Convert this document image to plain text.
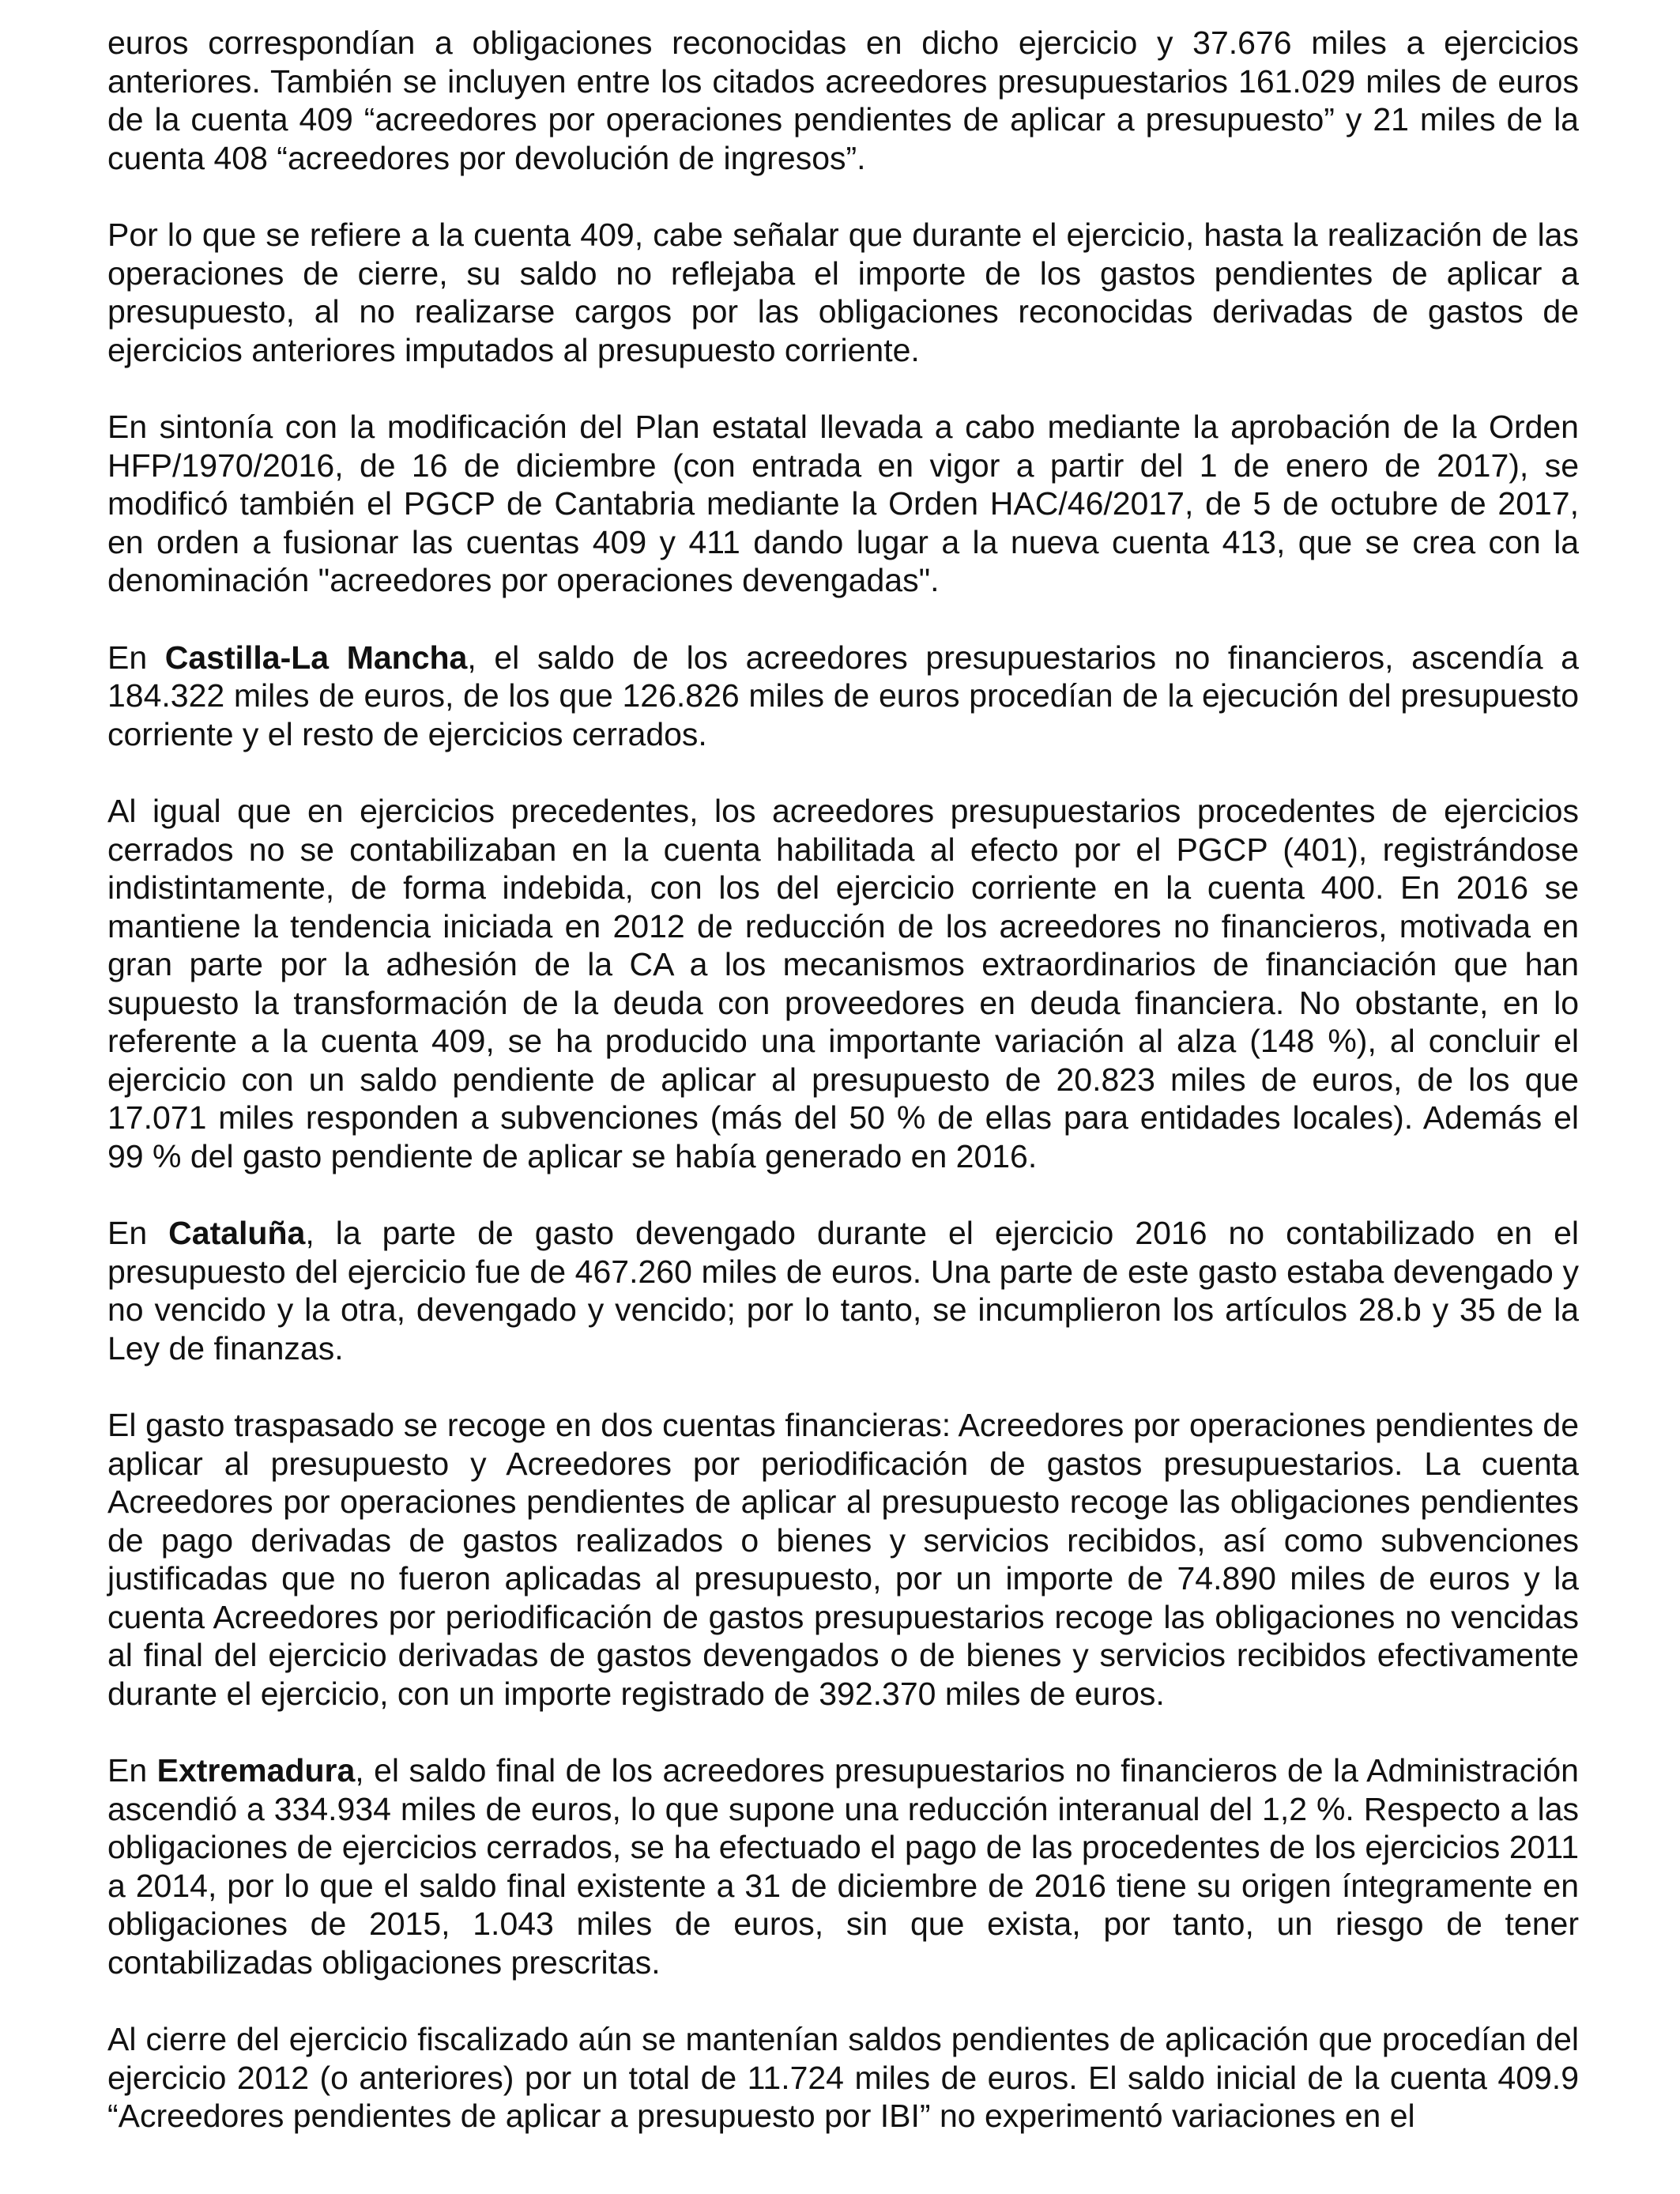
euros correspondían a obligaciones reconocidas en dicho ejercicio y 37.676 miles a ejercicios anteriores. También se incluyen entre los citados acreedores presupuestarios 161.029 miles de euros de la cuenta 409 “acreedores por operaciones pendientes de aplicar a presupuesto” y 21 miles de la cuenta 408 “acreedores por devolución de ingresos”.

Por lo que se refiere a la cuenta 409, cabe señalar que durante el ejercicio, hasta la realización de las operaciones de cierre, su saldo no reflejaba el importe de los gastos pendientes de aplicar a presupuesto, al no realizarse cargos por las obligaciones reconocidas derivadas de gastos de ejercicios anteriores imputados al presupuesto corriente.

En sintonía con la modificación del Plan estatal llevada a cabo mediante la aprobación de la Orden HFP/1970/2016, de 16 de diciembre (con entrada en vigor a partir del 1 de enero de 2017), se modificó también el PGCP de Cantabria mediante la Orden HAC/46/2017, de 5 de octubre de 2017, en orden a fusionar las cuentas 409 y 411 dando lugar a la nueva cuenta 413, que se crea con la denominación "acreedores por operaciones devengadas".

En Castilla-La Mancha, el saldo de los acreedores presupuestarios no financieros, ascendía a 184.322 miles de euros, de los que 126.826 miles de euros procedían de la ejecución del presupuesto corriente y el resto de ejercicios cerrados.

Al igual que en ejercicios precedentes, los acreedores presupuestarios procedentes de ejercicios cerrados no se contabilizaban en la cuenta habilitada al efecto por el PGCP (401), registrándose indistintamente, de forma indebida, con los del ejercicio corriente en la cuenta 400. En 2016 se mantiene la tendencia iniciada en 2012 de reducción de los acreedores no financieros, motivada en gran parte por la adhesión de la CA a los mecanismos extraordinarios de financiación que han supuesto la transformación de la deuda con proveedores en deuda financiera. No obstante, en lo referente a la cuenta 409, se ha producido una importante variación al alza (148 %), al concluir el ejercicio con un saldo pendiente de aplicar al presupuesto de 20.823 miles de euros, de los que 17.071 miles responden a subvenciones (más del 50 % de ellas para entidades locales). Además el 99 % del gasto pendiente de aplicar se había generado en 2016.

En Cataluña, la parte de gasto devengado durante el ejercicio 2016 no contabilizado en el presupuesto del ejercicio fue de 467.260 miles de euros. Una parte de este gasto estaba devengado y no vencido y la otra, devengado y vencido; por lo tanto, se incumplieron los artículos 28.b y 35 de la Ley de finanzas.

El gasto traspasado se recoge en dos cuentas financieras: Acreedores por operaciones pendientes de aplicar al presupuesto y Acreedores por periodificación de gastos presupuestarios. La cuenta Acreedores por operaciones pendientes de aplicar al presupuesto recoge las obligaciones pendientes de pago derivadas de gastos realizados o bienes y servicios recibidos, así como subvenciones justificadas que no fueron aplicadas al presupuesto, por un importe de 74.890 miles de euros y la cuenta Acreedores por periodificación de gastos presupuestarios recoge las obligaciones no vencidas al final del ejercicio derivadas de gastos devengados o de bienes y servicios recibidos efectivamente durante el ejercicio, con un importe registrado de 392.370 miles de euros.

En Extremadura, el saldo final de los acreedores presupuestarios no financieros de la Administración ascendió a 334.934 miles de euros, lo que supone una reducción interanual del 1,2 %. Respecto a las obligaciones de ejercicios cerrados, se ha efectuado el pago de las procedentes de los ejercicios 2011 a 2014, por lo que el saldo final existente a 31 de diciembre de 2016 tiene su origen íntegramente en obligaciones de 2015, 1.043 miles de euros, sin que exista, por tanto, un riesgo de tener contabilizadas obligaciones prescritas.

Al cierre del ejercicio fiscalizado aún se mantenían saldos pendientes de aplicación que procedían del ejercicio 2012 (o anteriores) por un total de 11.724 miles de euros. El saldo inicial de la cuenta 409.9 “Acreedores pendientes de aplicar a presupuesto por IBI” no experimentó variaciones en el
